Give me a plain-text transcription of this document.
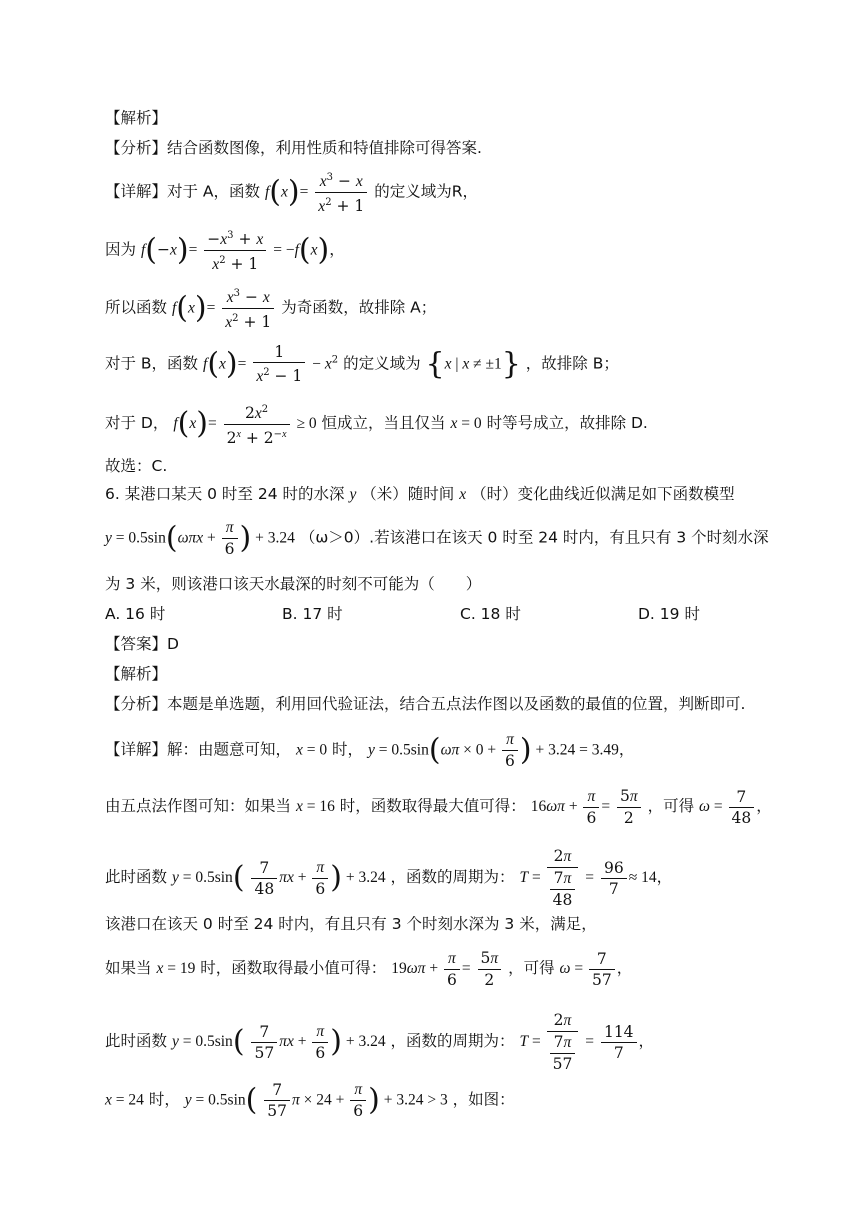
【解析】
【分析】结合函数图像，利用性质和特值排除可得答案.
【详解】对于 A，函数 $f(x)= \frac{x^3 - x}{x^2 + 1}$ 的定义域为R，
因为 $f(-x)= \frac{-x^3 + x}{x^2 + 1} = -f(x)$，
所以函数 $f(x)= \frac{x^3 - x}{x^2 + 1}$ 为奇函数，故排除 A；
对于 B，函数 $f(x)= \frac{1}{x^2 - 1} - x^2$ 的定义域为 {x | x ≠ ±1} ，故排除 B；
对于 D， $f(x)= \frac{2x^2}{2^x + 2^{-x}} \ge 0$ 恒成立，当且仅当 x = 0 时等号成立，故排除 D.
故选：C.
6. 某港口某天 0 时至 24 时的水深 y （米）随时间 x （时）变化曲线近似满足如下函数模型
$y = 0.5\sin(\omega\pi x + \frac{\pi}{6}$ ) + 3.24 （ω＞0）.若该港口在该天 0 时至 24 时内，有且只有 3 个时刻水深
为 3 米，则该港口该天水最深的时刻不可能为（　　）
A. 16 时	B. 17 时	C. 18 时	D. 19 时
【答案】D
【解析】
【分析】本题是单选题，利用回代验证法，结合五点法作图以及函数的最值的位置，判断即可.
【详解】解：由题意可知， x = 0 时， $y = 0.5\sin(\omega\pi \times 0 + \frac{\pi}{6}$ ) + 3.24 = 3.49，
由五点法作图可知：如果当 x = 16 时，函数取得最大值可得： $16\omega\pi + \frac{\pi}{6} = \frac{5\pi}{2}$ ，可得 $\omega = \frac{7}{48}$ ，
此时函数 $y = 0.5\sin( \frac{7}{48}$ $\pi x + \frac{\pi}{6}$ ) + 3.24 ，函数的周期为： $T = \frac{2\pi}{\frac{7\pi}{48}} = \frac{96}{7} \approx 14$，
该港口在该天 0 时至 24 时内，有且只有 3 个时刻水深为 3 米，满足，
如果当 x = 19 时，函数取得最小值可得： $19\omega\pi + \frac{\pi}{6} = \frac{5\pi}{2}$ ，可得 $\omega = \frac{7}{57}$ ，
此时函数 $y = 0.5\sin( \frac{7}{57}$ $\pi x + \frac{\pi}{6}$ ) + 3.24 ，函数的周期为： $T = \frac{2\pi}{\frac{7\pi}{57}} = \frac{114}{7}$ ，
x = 24 时， $y = 0.5\sin( \frac{7}{57}$ $\pi \times 24 + \frac{\pi}{6}$ ) + 3.24 > 3 ，如图：
